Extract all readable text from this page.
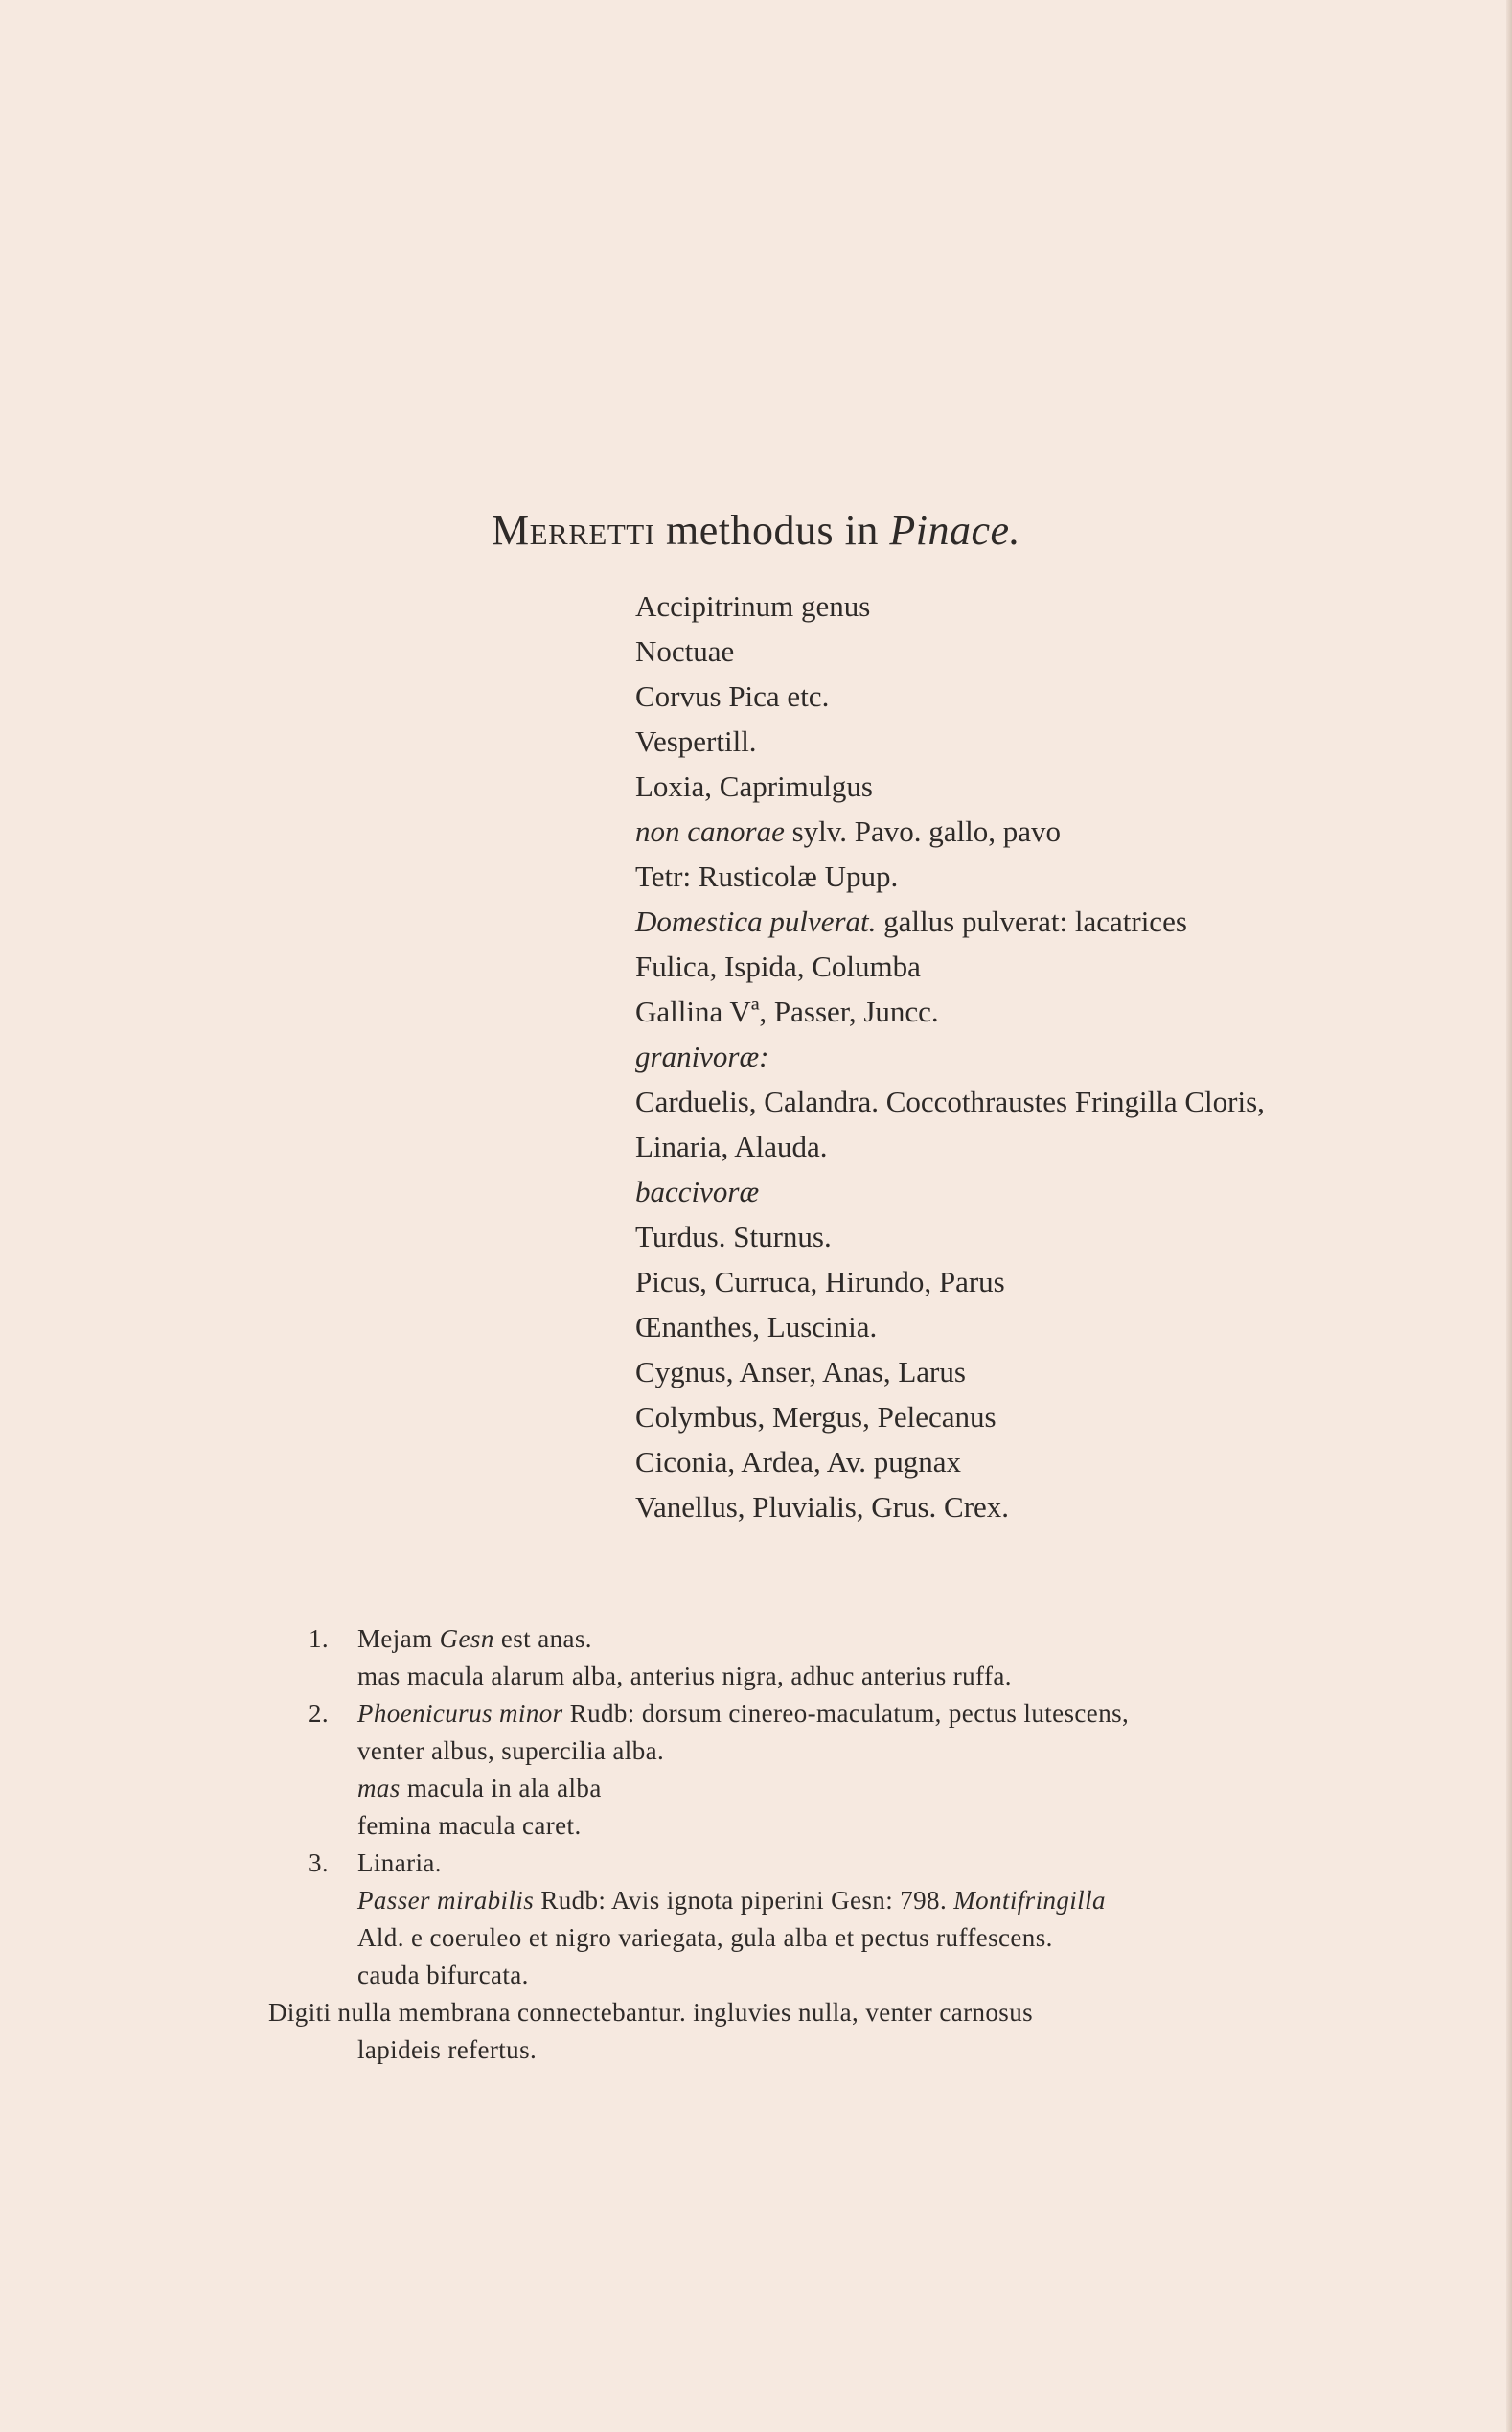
Merretti methodus in Pinace.
Accipitrinum genus
Noctuae
Corvus Pica etc.
Vespertill.
Loxia, Caprimulgus
non canorae sylv. Pavo. gallo, pavo
Tetr: Rusticolæ Upup.
Domestica pulverat. gallus pulverat: lacatrices
Fulica, Ispida, Columba
Gallina Vª, Passer, Juncc.
granivoræ:
Carduelis, Calandra. Coccothraustes Fringilla Cloris,
Linaria, Alauda.
baccivoræ
Turdus. Sturnus.
Picus, Curruca, Hirundo, Parus
Œnanthes, Luscinia.
Cygnus, Anser, Anas, Larus
Colymbus, Mergus, Pelecanus
Ciconia, Ardea, Av. pugnax
Vanellus, Pluvialis, Grus. Crex.
1. Mejam Gesn est anas.
mas macula alarum alba, anterius nigra, adhuc anterius ruffa.
2. Phoenicurus minor Rudb: dorsum cinereo-maculatum, pectus lutescens,
venter albus, supercilia alba.
mas macula in ala alba
femina macula caret.
3. Linaria.
Passer mirabilis Rudb: Avis ignota piperini Gesn: 798. Montifringilla
Ald. e coeruleo et nigro variegata, gula alba et pectus ruffescens.
cauda bifurcata.
Digiti nulla membrana connectebantur. ingluvies nulla, venter carnosus
lapideis refertus.
